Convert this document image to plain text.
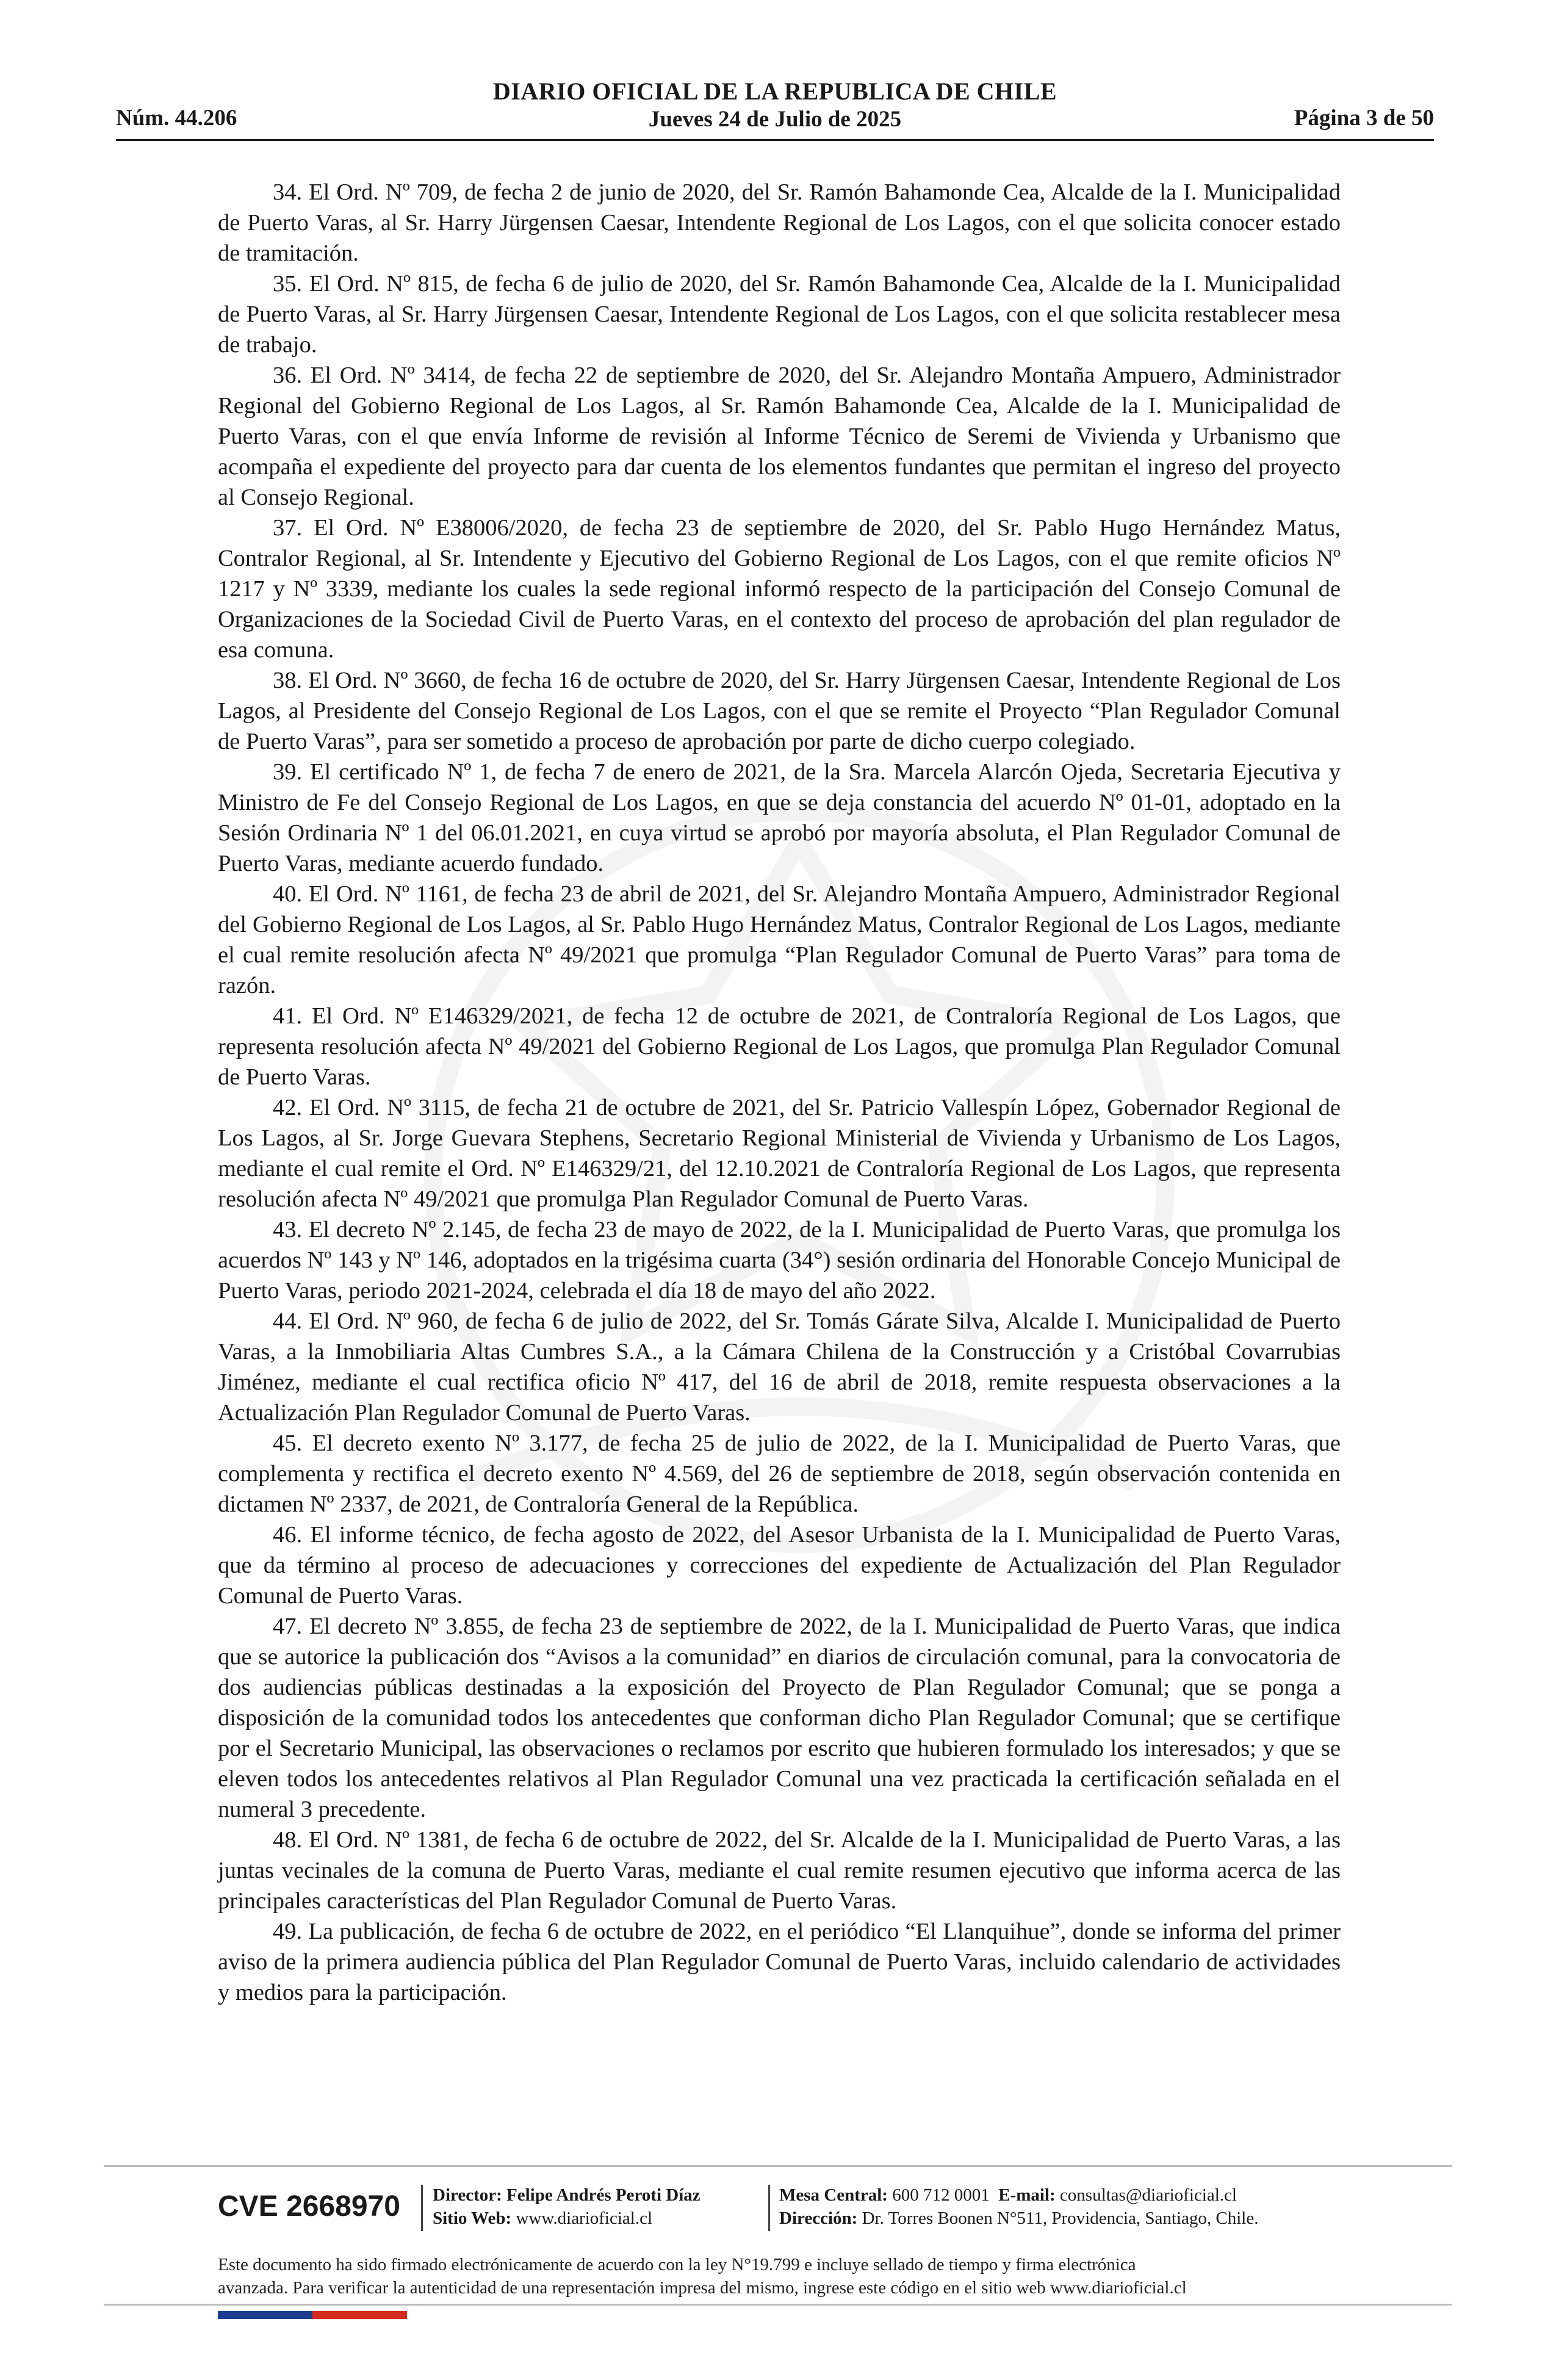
Núm. 44.206
DIARIO OFICIAL DE LA REPUBLICA DE CHILE
Jueves 24 de Julio de 2025	Página 3 de 50

34. El Ord. Nº 709, de fecha 2 de junio de 2020, del Sr. Ramón Bahamonde Cea, Alcalde de la I. Municipalidad de Puerto Varas, al Sr. Harry Jürgensen Caesar, Intendente Regional de Los Lagos, con el que solicita conocer estado de tramitación.

35. El Ord. Nº 815, de fecha 6 de julio de 2020, del Sr. Ramón Bahamonde Cea, Alcalde de la I. Municipalidad de Puerto Varas, al Sr. Harry Jürgensen Caesar, Intendente Regional de Los Lagos, con el que solicita restablecer mesa de trabajo.

36. El Ord. Nº 3414, de fecha 22 de septiembre de 2020, del Sr. Alejandro Montaña Ampuero, Administrador Regional del Gobierno Regional de Los Lagos, al Sr. Ramón Bahamonde Cea, Alcalde de la I. Municipalidad de Puerto Varas, con el que envía Informe de revisión al Informe Técnico de Seremi de Vivienda y Urbanismo que acompaña el expediente del proyecto para dar cuenta de los elementos fundantes que permitan el ingreso del proyecto al Consejo Regional.

37. El Ord. Nº E38006/2020, de fecha 23 de septiembre de 2020, del Sr. Pablo Hugo Hernández Matus, Contralor Regional, al Sr. Intendente y Ejecutivo del Gobierno Regional de Los Lagos, con el que remite oficios Nº 1217 y Nº 3339, mediante los cuales la sede regional informó respecto de la participación del Consejo Comunal de Organizaciones de la Sociedad Civil de Puerto Varas, en el contexto del proceso de aprobación del plan regulador de esa comuna.

38. El Ord. Nº 3660, de fecha 16 de octubre de 2020, del Sr. Harry Jürgensen Caesar, Intendente Regional de Los Lagos, al Presidente del Consejo Regional de Los Lagos, con el que se remite el Proyecto “Plan Regulador Comunal de Puerto Varas”, para ser sometido a proceso de aprobación por parte de dicho cuerpo colegiado.

39. El certificado Nº 1, de fecha 7 de enero de 2021, de la Sra. Marcela Alarcón Ojeda, Secretaria Ejecutiva y Ministro de Fe del Consejo Regional de Los Lagos, en que se deja constancia del acuerdo Nº 01-01, adoptado en la Sesión Ordinaria Nº 1 del 06.01.2021, en cuya virtud se aprobó por mayoría absoluta, el Plan Regulador Comunal de Puerto Varas, mediante acuerdo fundado.

40. El Ord. Nº 1161, de fecha 23 de abril de 2021, del Sr. Alejandro Montaña Ampuero, Administrador Regional del Gobierno Regional de Los Lagos, al Sr. Pablo Hugo Hernández Matus, Contralor Regional de Los Lagos, mediante el cual remite resolución afecta Nº 49/2021 que promulga “Plan Regulador Comunal de Puerto Varas” para toma de razón.

41. El Ord. Nº E146329/2021, de fecha 12 de octubre de 2021, de Contraloría Regional de Los Lagos, que representa resolución afecta Nº 49/2021 del Gobierno Regional de Los Lagos, que promulga Plan Regulador Comunal de Puerto Varas.

42. El Ord. Nº 3115, de fecha 21 de octubre de 2021, del Sr. Patricio Vallespín López, Gobernador Regional de Los Lagos, al Sr. Jorge Guevara Stephens, Secretario Regional Ministerial de Vivienda y Urbanismo de Los Lagos, mediante el cual remite el Ord. Nº E146329/21, del 12.10.2021 de Contraloría Regional de Los Lagos, que representa resolución afecta Nº 49/2021 que promulga Plan Regulador Comunal de Puerto Varas.

43. El decreto Nº 2.145, de fecha 23 de mayo de 2022, de la I. Municipalidad de Puerto Varas, que promulga los acuerdos Nº 143 y Nº 146, adoptados en la trigésima cuarta (34°) sesión ordinaria del Honorable Concejo Municipal de Puerto Varas, periodo 2021-2024, celebrada el día 18 de mayo del año 2022.

44. El Ord. Nº 960, de fecha 6 de julio de 2022, del Sr. Tomás Gárate Silva, Alcalde I. Municipalidad de Puerto Varas, a la Inmobiliaria Altas Cumbres S.A., a la Cámara Chilena de la Construcción y a Cristóbal Covarrubias Jiménez, mediante el cual rectifica oficio Nº 417, del 16 de abril de 2018, remite respuesta observaciones a la Actualización Plan Regulador Comunal de Puerto Varas.

45. El decreto exento Nº 3.177, de fecha 25 de julio de 2022, de la I. Municipalidad de Puerto Varas, que complementa y rectifica el decreto exento Nº 4.569, del 26 de septiembre de 2018, según observación contenida en dictamen Nº 2337, de 2021, de Contraloría General de la República.

46. El informe técnico, de fecha agosto de 2022, del Asesor Urbanista de la I. Municipalidad de Puerto Varas, que da término al proceso de adecuaciones y correcciones del expediente de Actualización del Plan Regulador Comunal de Puerto Varas.

47. El decreto Nº 3.855, de fecha 23 de septiembre de 2022, de la I. Municipalidad de Puerto Varas, que indica que se autorice la publicación dos “Avisos a la comunidad” en diarios de circulación comunal, para la convocatoria de dos audiencias públicas destinadas a la exposición del Proyecto de Plan Regulador Comunal; que se ponga a disposición de la comunidad todos los antecedentes que conforman dicho Plan Regulador Comunal; que se certifique por el Secretario Municipal, las observaciones o reclamos por escrito que hubieren formulado los interesados; y que se eleven todos los antecedentes relativos al Plan Regulador Comunal una vez practicada la certificación señalada en el numeral 3 precedente.

48. El Ord. Nº 1381, de fecha 6 de octubre de 2022, del Sr. Alcalde de la I. Municipalidad de Puerto Varas, a las juntas vecinales de la comuna de Puerto Varas, mediante el cual remite resumen ejecutivo que informa acerca de las principales características del Plan Regulador Comunal de Puerto Varas.

49. La publicación, de fecha 6 de octubre de 2022, en el periódico “El Llanquihue”, donde se informa del primer aviso de la primera audiencia pública del Plan Regulador Comunal de Puerto Varas, incluido calendario de actividades y medios para la participación.

CVE 2668970 Director: Felipe Andrés Peroti Díaz
Sitio Web: www.diarioficial.cl
Mesa Central: 600 712 0001 E-mail: consultas@diarioficial.cl
Dirección: Dr. Torres Boonen N°511, Providencia, Santiago, Chile.
Este documento ha sido firmado electrónicamente de acuerdo con la ley N°19.799 e incluye sellado de tiempo y firma electrónica
avanzada. Para verificar la autenticidad de una representación impresa del mismo, ingrese este código en el sitio web www.diarioficial.cl
